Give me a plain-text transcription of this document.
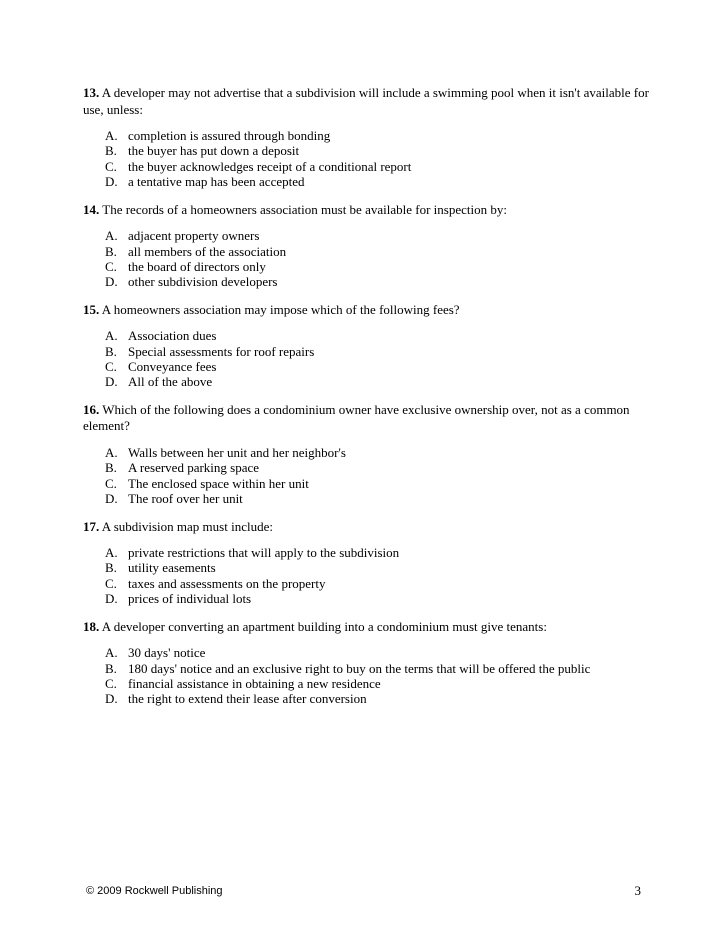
13. A developer may not advertise that a subdivision will include a swimming pool when it isn't available for use, unless:

A. completion is assured through bonding
B. the buyer has put down a deposit
C. the buyer acknowledges receipt of a conditional report
D. a tentative map has been accepted

14. The records of a homeowners association must be available for inspection by:

A. adjacent property owners
B. all members of the association
C. the board of directors only
D. other subdivision developers

15. A homeowners association may impose which of the following fees?

A. Association dues
B. Special assessments for roof repairs
C. Conveyance fees
D. All of the above

16. Which of the following does a condominium owner have exclusive ownership over, not as a common element?

A. Walls between her unit and her neighbor's
B. A reserved parking space
C. The enclosed space within her unit
D. The roof over her unit

17. A subdivision map must include:

A. private restrictions that will apply to the subdivision
B. utility easements
C. taxes and assessments on the property
D. prices of individual lots

18. A developer converting an apartment building into a condominium must give tenants:

A. 30 days' notice
B. 180 days' notice and an exclusive right to buy on the terms that will be offered the public
C. financial assistance in obtaining a new residence
D. the right to extend their lease after conversion
© 2009 Rockwell Publishing	3
